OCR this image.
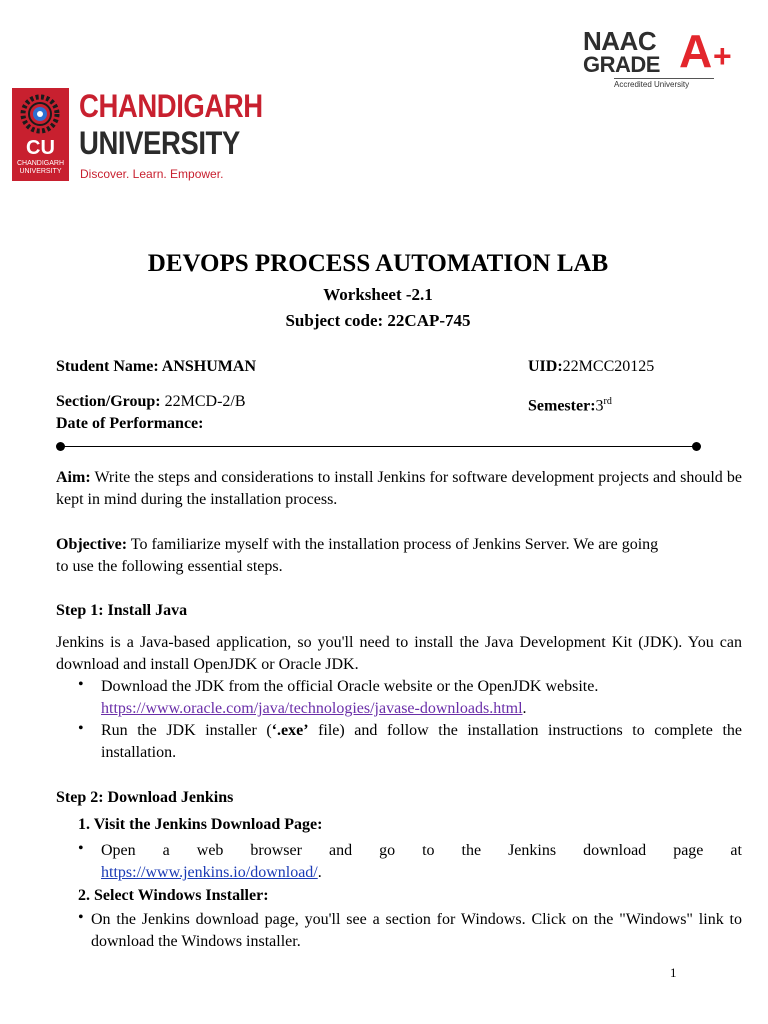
NAAC
GRADE A +
Accredited University
CU
CHANDIGARH
UNIVERSITY
CHANDIGARH
UNIVERSITY
Discover. Learn. Empower.
DEVOPS PROCESS AUTOMATION LAB
Worksheet -2.1
Subject code: 22CAP-745
Student Name: ANSHUMAN	UID:22MCC20125
Section/Group: 22MCD-2/B	Semester:3rd
Date of Performance:
Aim: Write the steps and considerations to install Jenkins for software development projects and should be kept in mind during the installation process.
Objective: To familiarize myself with the installation process of Jenkins Server. We are going
to use the following essential steps.
Step 1: Install Java
Jenkins is a Java-based application, so you'll need to install the Java Development Kit (JDK). You can download and install OpenJDK or Oracle JDK.
• Download the JDK from the official Oracle website or the OpenJDK website.
https://www.oracle.com/java/technologies/javase-downloads.html.
• Run the JDK installer (‘.exe’ file) and follow the installation instructions to complete the installation.
Step 2: Download Jenkins
1. Visit the Jenkins Download Page:
• Open a web browser and go to the Jenkins download page at
https://www.jenkins.io/download/.
2. Select Windows Installer:
• On the Jenkins download page, you'll see a section for Windows. Click on the "Windows" link to download the Windows installer.
1
